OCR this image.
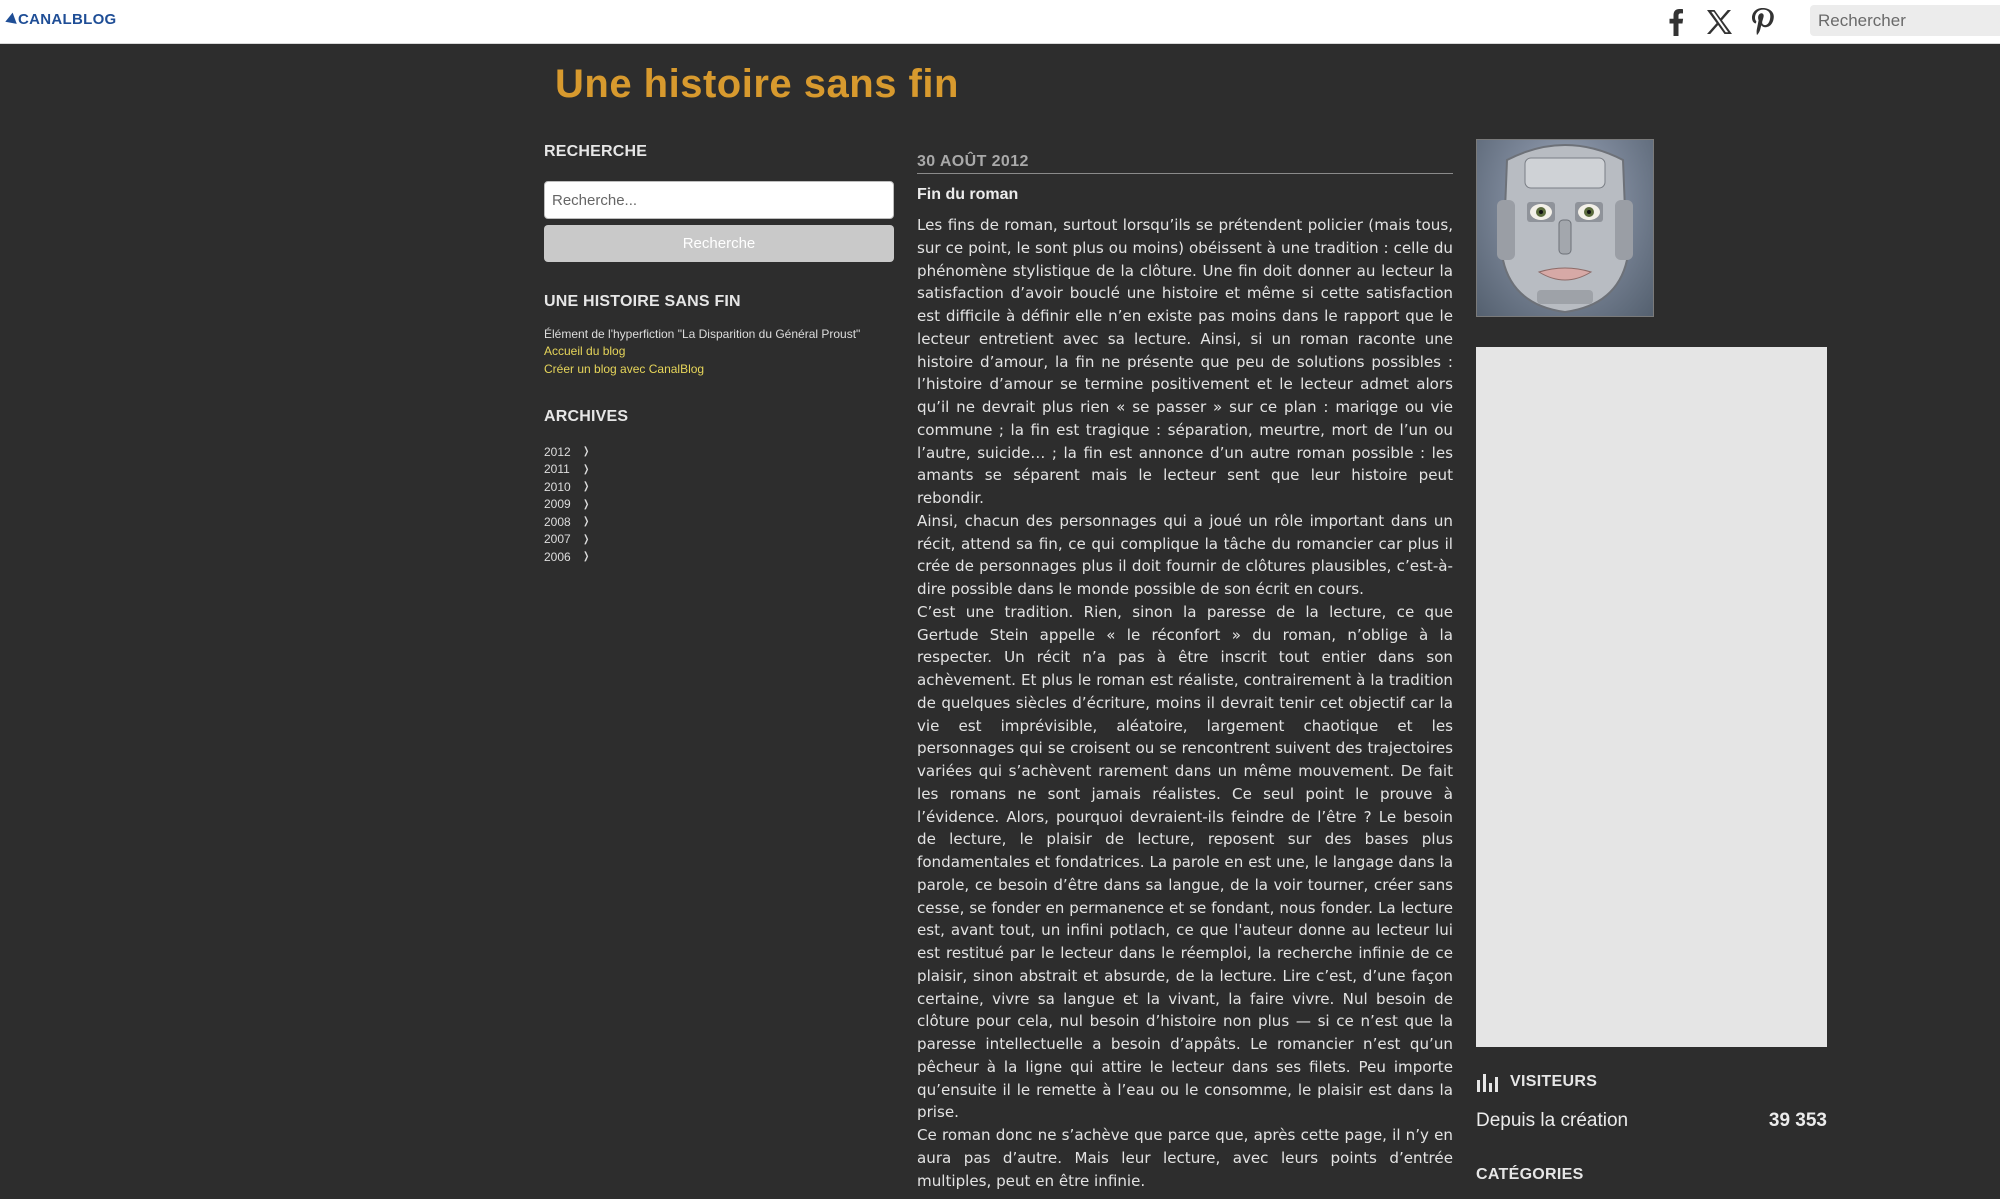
CANALBLOG
Rechercher
Une histoire sans fin
RECHERCHE
Recherche...
Recherche
UNE HISTOIRE SANS FIN
Élément de l'hyperfiction "La Disparition du Général Proust"
Accueil du blog
Créer un blog avec CanalBlog
ARCHIVES
2012	❯
2011	❯
2010	❯
2009	❯
2008	❯
2007	❯
2006	❯
30 AOÛT 2012
Fin du roman

Les fins de roman, surtout lorsqu’ils se prétendent policier (mais tous, sur ce point, le sont plus ou moins) obéissent à une tradition : celle du phénomène stylistique de la clôture. Une fin doit donner au lecteur la satisfaction d’avoir bouclé une histoire et même si cette satisfaction est difficile à définir elle n’en existe pas moins dans le rapport que le lecteur entretient avec sa lecture. Ainsi, si un roman raconte une histoire d’amour, la fin ne présente que peu de solutions possibles : l’histoire d’amour se termine positivement et le lecteur admet alors qu’il ne devrait plus rien « se passer » sur ce plan : mariqge ou vie commune ; la fin est tragique : séparation, meurtre, mort de l’un ou l’autre, suicide… ; la fin est annonce d’un autre roman possible : les amants se séparent mais le lecteur sent que leur histoire peut rebondir.

Ainsi, chacun des personnages qui a joué un rôle important dans un récit, attend sa fin, ce qui complique la tâche du romancier car plus il crée de personnages plus il doit fournir de clôtures plausibles, c’est-à-dire possible dans le monde possible de son écrit en cours.

C’est une tradition. Rien, sinon la paresse de la lecture, ce que Gertude Stein appelle « le réconfort » du roman, n’oblige à la respecter. Un récit n’a pas à être inscrit tout entier dans son achèvement. Et plus le roman est réaliste, contrairement à la tradition de quelques siècles d’écriture, moins il devrait tenir cet objectif car la vie est imprévisible, aléatoire, largement chaotique et les personnages qui se croisent ou se rencontrent suivent des trajectoires variées qui s’achèvent rarement dans un même mouvement. De fait les romans ne sont jamais réalistes. Ce seul point le prouve à l’évidence. Alors, pourquoi devraient-ils feindre de l’être ? Le besoin de lecture, le plaisir de lecture, reposent sur des bases plus fondamentales et fondatrices. La parole en est une, le langage dans la parole, ce besoin d’être dans sa langue, de la voir tourner, créer sans cesse, se fonder en permanence et se fondant, nous fonder. La lecture est, avant tout, un infini potlach, ce que l'auteur donne au lecteur lui est restitué par le lecteur dans le réemploi, la recherche infinie de ce plaisir, sinon abstrait et absurde, de la lecture. Lire c’est, d’une façon certaine, vivre sa langue et la vivant, la faire vivre. Nul besoin de clôture pour cela, nul besoin d’histoire non plus — si ce n’est que la paresse intellectuelle a besoin d’appâts. Le romancier n’est qu’un pêcheur à la ligne qui attire le lecteur dans ses filets. Peu importe qu’ensuite il le remette à l’eau ou le consomme, le plaisir est dans la prise.

Ce roman donc ne s’achève que parce que, après cette page, il n’y en aura pas d’autre. Mais leur lecture, avec leurs points d’entrée multiples, peut en être infinie.

VISITEURS
Depuis la création	39 353
CATÉGORIES
